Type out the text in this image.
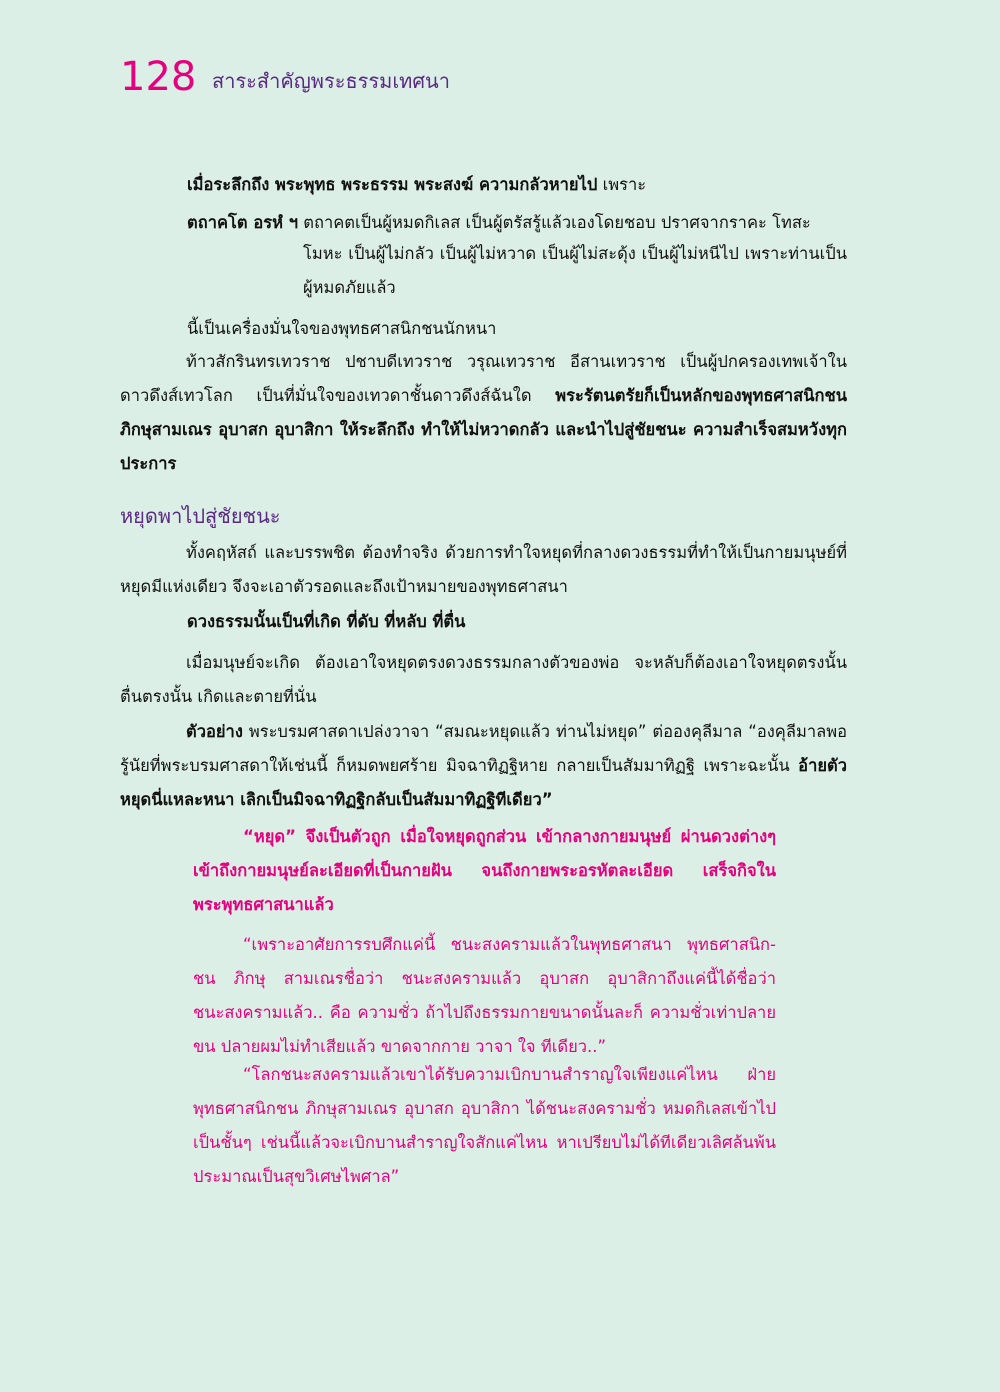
128 สาระสำคัญพระธรรมเทศนา

เมื่อระลึกถึง พระพุทธ พระธรรม พระสงฆ์ ความกลัวหายไป เพราะ

ตถาคโต อรหํ ฯ ตถาคตเป็นผู้หมดกิเลส เป็นผู้ตรัสรู้แล้วเองโดยชอบ ปราศจากราคะ โทสะ

โมหะ เป็นผู้ไม่กลัว เป็นผู้ไม่หวาด เป็นผู้ไม่สะดุ้ง เป็นผู้ไม่หนีไป เพราะท่านเป็นผู้หมดภัยแล้ว

นี้เป็นเครื่องมั่นใจของพุทธศาสนิกชนนักหนา

ท้าวสักรินทรเทวราช ปชาบดีเทวราช วรุณเทวราช อีสานเทวราช เป็นผู้ปกครองเทพเจ้าในดาวดึงส์เทวโลก เป็นที่มั่นใจของเทวดาชั้นดาวดึงส์ฉันใด พระรัตนตรัยก็เป็นหลักของพุทธศาสนิกชน ภิกษุสามเณร อุบาสก อุบาสิกา ให้ระลึกถึง ทำให้ไม่หวาดกลัว และนำไปสู่ชัยชนะ ความสำเร็จสมหวังทุกประการ

หยุดพาไปสู่ชัยชนะ

ทั้งคฤหัสถ์ และบรรพชิต ต้องทำจริง ด้วยการทำใจหยุดที่กลางดวงธรรมที่ทำให้เป็นกายมนุษย์ที่หยุดมีแห่งเดียว จึงจะเอาตัวรอดและถึงเป้าหมายของพุทธศาสนา

ดวงธรรมนั้นเป็นที่เกิด ที่ดับ ที่หลับ ที่ตื่น

เมื่อมนุษย์จะเกิด ต้องเอาใจหยุดตรงดวงธรรมกลางตัวของพ่อ จะหลับก็ต้องเอาใจหยุดตรงนั้น ตื่นตรงนั้น เกิดและตายที่นั่น

ตัวอย่าง พระบรมศาสดาเปล่งวาจา “สมณะหยุดแล้ว ท่านไม่หยุด” ต่อองคุลีมาล “องคุลีมาลพอรู้นัยที่พระบรมศาสดาให้เช่นนี้ ก็หมดพยศร้าย มิจฉาทิฏฐิหาย กลายเป็นสัมมาทิฏฐิ เพราะฉะนั้น อ้ายตัวหยุดนี่แหละหนา เลิกเป็นมิจฉาทิฏฐิกลับเป็นสัมมาทิฏฐิทีเดียว”

“หยุด” จึงเป็นตัวถูก เมื่อใจหยุดถูกส่วน เข้ากลางกายมนุษย์ ผ่านดวงต่างๆ เข้าถึงกายมนุษย์ละเอียดที่เป็นกายฝัน จนถึงกายพระอรหัตละเอียด เสร็จกิจในพระพุทธศาสนาแล้ว

“เพราะอาศัยการรบศึกแค่นี้ ชนะสงครามแล้วในพุทธศาสนา พุทธศาสนิก-ชน ภิกษุ สามเณรชื่อว่า ชนะสงครามแล้ว อุบาสก อุบาสิกาถึงแค่นี้ได้ชื่อว่าชนะสงครามแล้ว.. คือ ความชั่ว ถ้าไปถึงธรรมกายขนาดนั้นละก็ ความชั่วเท่าปลายขน ปลายผมไม่ทำเสียแล้ว ขาดจากกาย วาจา ใจ ทีเดียว..”

“โลกชนะสงครามแล้วเขาได้รับความเบิกบานสำราญใจเพียงแค่ไหน ฝ่ายพุทธศาสนิกชน ภิกษุสามเณร อุบาสก อุบาสิกา ได้ชนะสงครามชั่ว หมดกิเลสเข้าไปเป็นชั้นๆ เช่นนี้แล้วจะเบิกบานสำราญใจสักแค่ไหน หาเปรียบไม่ได้ทีเดียวเลิศล้นพ้นประมาณเป็นสุขวิเศษไพศาล”
